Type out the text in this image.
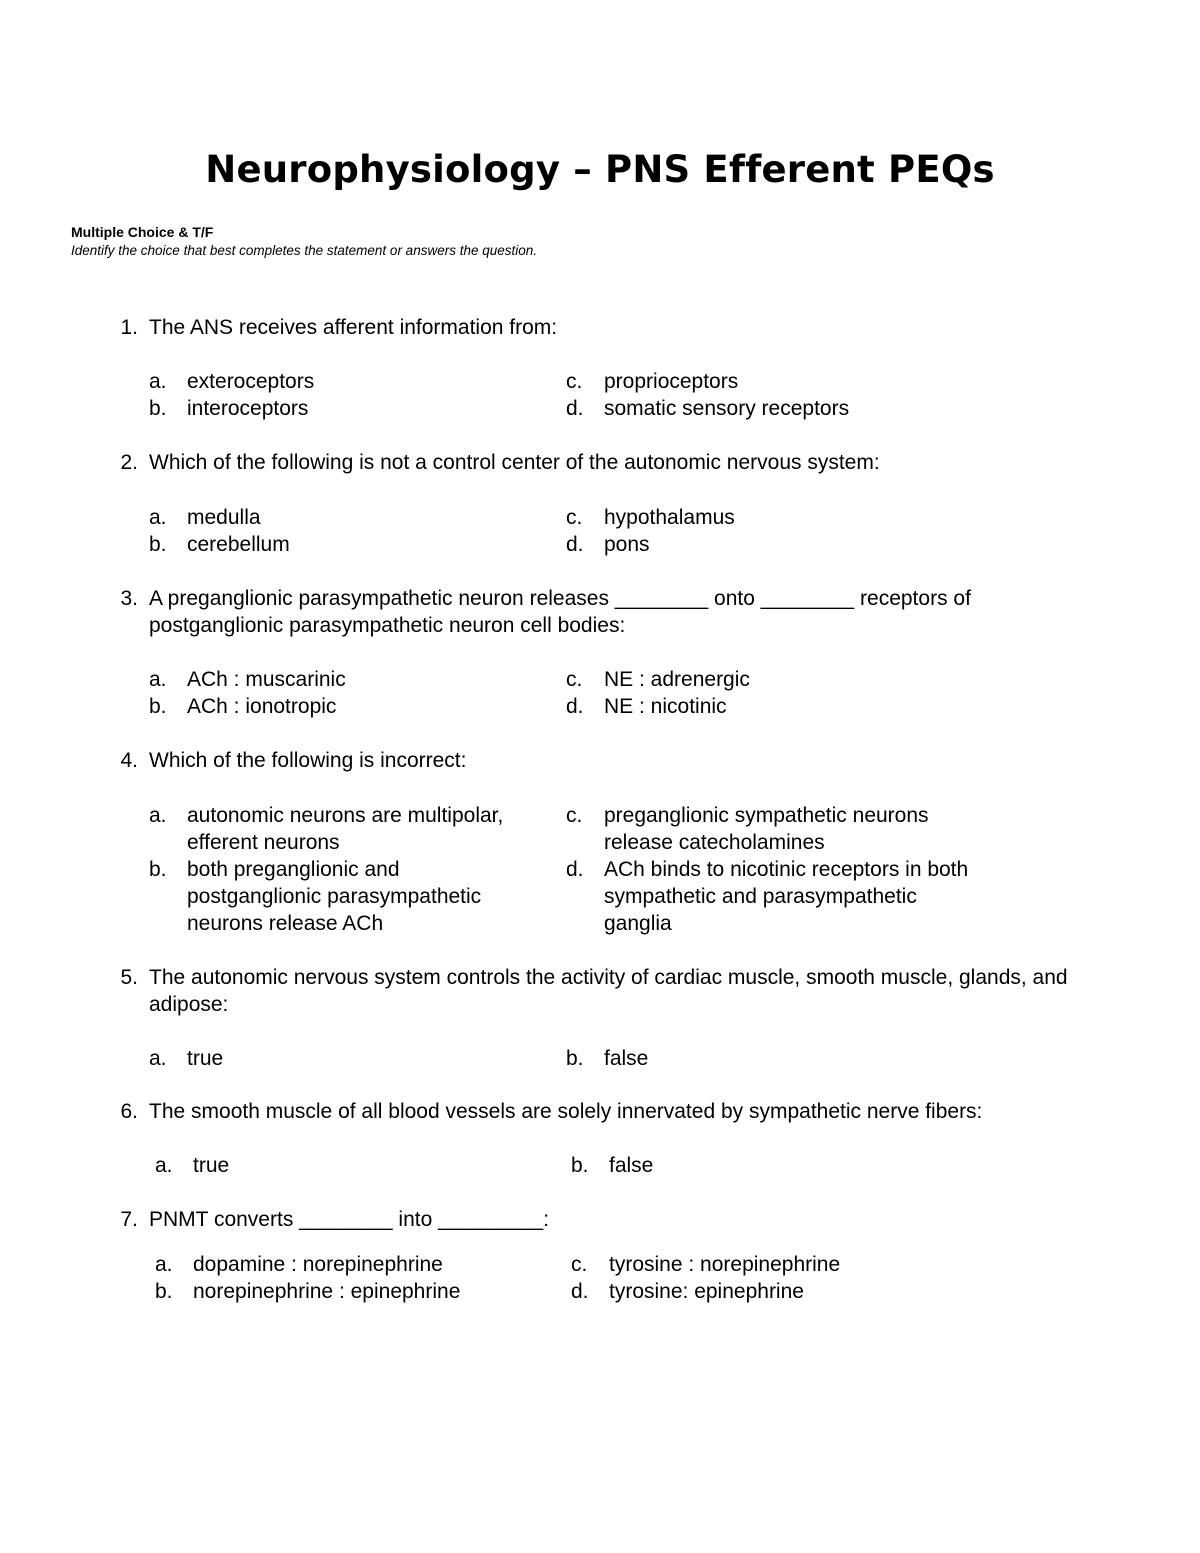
Neurophysiology – PNS Efferent PEQs
Multiple Choice & T/F
Identify the choice that best completes the statement or answers the question.
1. The ANS receives afferent information from:
a. exteroceptors
b. interoceptors
c.	proprioceptors
d. somatic sensory receptors
2. Which of the following is not a control center of the autonomic nervous system:
a. medulla
b. cerebellum
c.	hypothalamus
d. pons
3. A preganglionic parasympathetic neuron releases ________ onto ________ receptors of postganglionic parasympathetic neuron cell bodies:
a. ACh : muscarinic
b. ACh : ionotropic
c.	NE : adrenergic
d. NE : nicotinic
4. Which of the following is incorrect:
a. autonomic neurons are multipolar, efferent neurons
b. both preganglionic and postganglionic parasympathetic neurons release ACh
c.	preganglionic sympathetic neurons release catecholamines
d. ACh binds to nicotinic receptors in both sympathetic and parasympathetic ganglia
5. The autonomic nervous system controls the activity of cardiac muscle, smooth muscle, glands, and adipose:
a. true	b. false
6. The smooth muscle of all blood vessels are solely innervated by sympathetic nerve fibers:
a. true	b. false
7. PNMT converts ________ into _________:
a. dopamine : norepinephrine
b. norepinephrine : epinephrine
c.	tyrosine : norepinephrine
d. tyrosine: epinephrine
